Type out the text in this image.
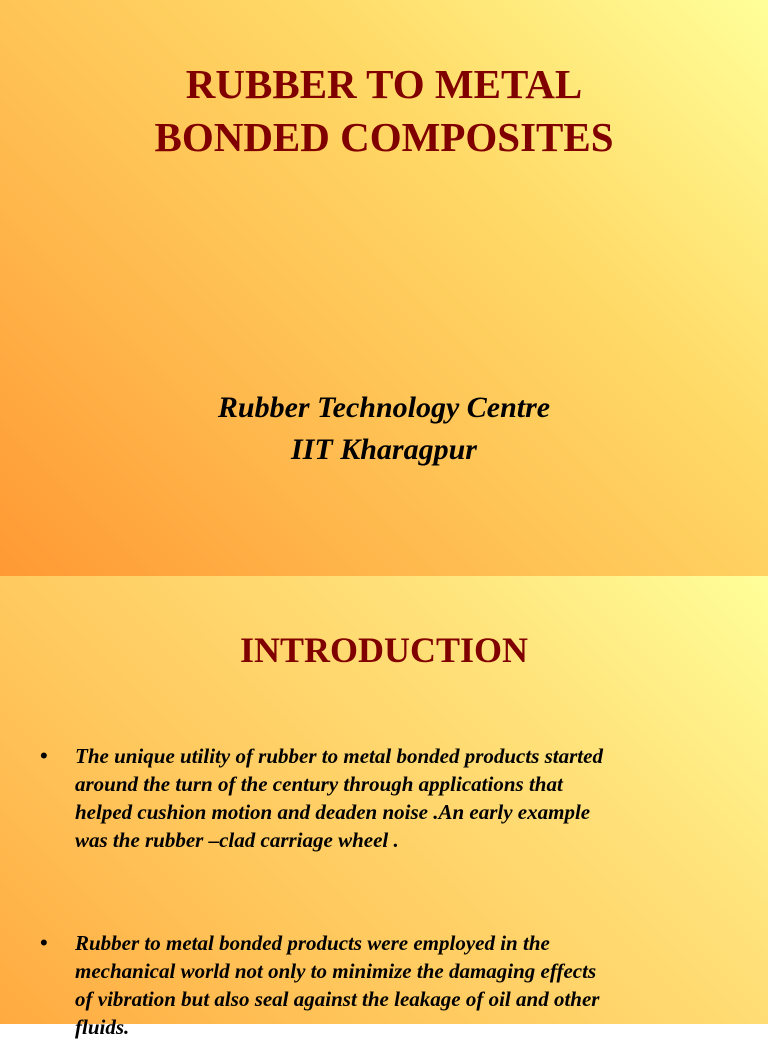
RUBBER TO METAL
BONDED COMPOSITES
Rubber Technology Centre
IIT Kharagpur
INTRODUCTION
• The unique utility of rubber to metal bonded products started
around the turn of the century through applications that
helped cushion motion and deaden noise .An early example
was the rubber –clad carriage wheel .
• Rubber to metal bonded products were employed in the
mechanical world not only to minimize the damaging effects
of vibration but also seal against the leakage of oil and other
fluids.
